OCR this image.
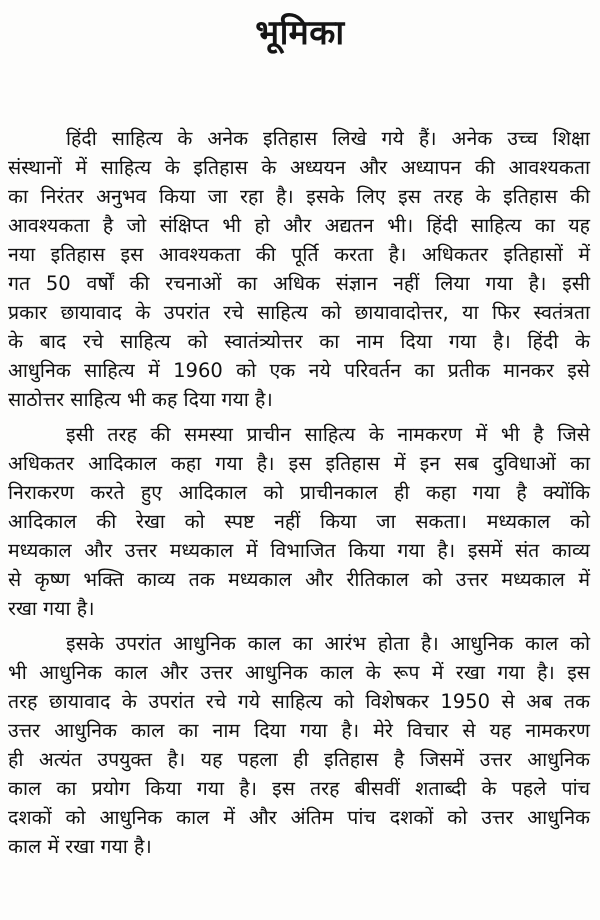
भूमिका
हिंदी साहित्य के अनेक इतिहास लिखे गये हैं। अनेक उच्च शिक्षा
संस्थानों में साहित्य के इतिहास के अध्ययन और अध्यापन की आवश्यकता
का निरंतर अनुभव किया जा रहा है। इसके लिए इस तरह के इतिहास की
आवश्यकता है जो संक्षिप्त भी हो और अद्यतन भी। हिंदी साहित्य का यह
नया इतिहास इस आवश्यकता की पूर्ति करता है। अधिकतर इतिहासों में
गत 50 वर्षों की रचनाओं का अधिक संज्ञान नहीं लिया गया है। इसी
प्रकार छायावाद के उपरांत रचे साहित्य को छायावादोत्तर, या फिर स्वतंत्रता
के बाद रचे साहित्य को स्वातंत्र्योत्तर का नाम दिया गया है। हिंदी के
आधुनिक साहित्य में 1960 को एक नये परिवर्तन का प्रतीक मानकर इसे
साठोत्तर साहित्य भी कह दिया गया है।
इसी तरह की समस्या प्राचीन साहित्य के नामकरण में भी है जिसे
अधिकतर आदिकाल कहा गया है। इस इतिहास में इन सब दुविधाओं का
निराकरण करते हुए आदिकाल को प्राचीनकाल ही कहा गया है क्योंकि
आदिकाल की रेखा को स्पष्ट नहीं किया जा सकता। मध्यकाल को
मध्यकाल और उत्तर मध्यकाल में विभाजित किया गया है। इसमें संत काव्य
से कृष्ण भक्ति काव्य तक मध्यकाल और रीतिकाल को उत्तर मध्यकाल में
रखा गया है।
इसके उपरांत आधुनिक काल का आरंभ होता है। आधुनिक काल को
भी आधुनिक काल और उत्तर आधुनिक काल के रूप में रखा गया है। इस
तरह छायावाद के उपरांत रचे गये साहित्य को विशेषकर 1950 से अब तक
उत्तर आधुनिक काल का नाम दिया गया है। मेरे विचार से यह नामकरण
ही अत्यंत उपयुक्त है। यह पहला ही इतिहास है जिसमें उत्तर आधुनिक
काल का प्रयोग किया गया है। इस तरह बीसवीं शताब्दी के पहले पांच
दशकों को आधुनिक काल में और अंतिम पांच दशकों को उत्तर आधुनिक
काल में रखा गया है।
